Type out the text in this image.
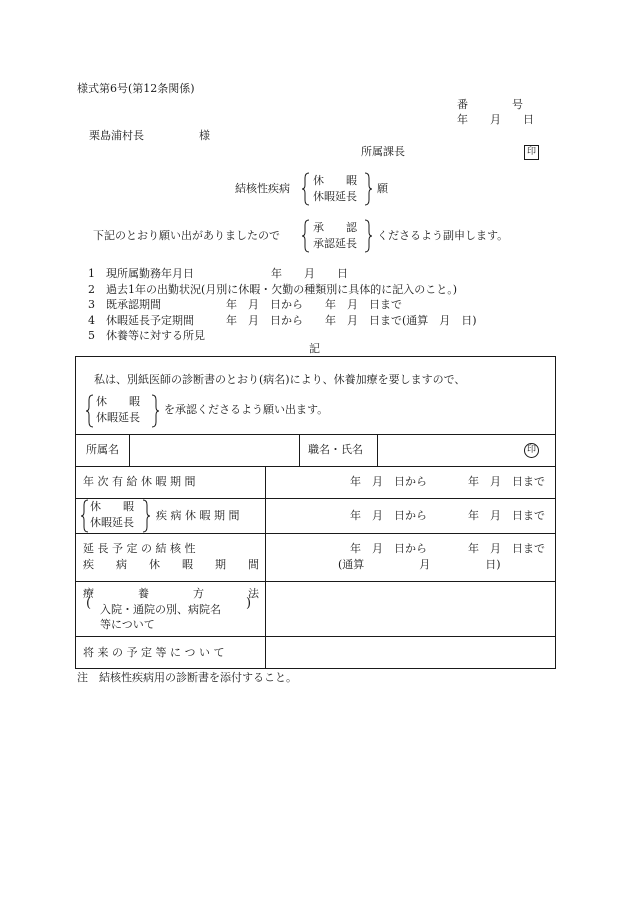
様式第6号(第12条関係)
番　　　　号
年　　月　　日
栗島浦村長　　　　　様
所属課長	印
結核性疾病
休　　暇
休暇延長
願
下記のとおり願い出がありましたので
承　　認
承認延長
くださるよう副申します。
1 現所属勤務年月日	年　　月　　日
2 過去1年の出勤状況(月別に休暇・欠勤の種類別に具体的に記入のこと。)
3 既承認期間	年　月　日から　　年　月　日まで
4 休暇延長予定期間	年　月　日から　　年　月　日まで(通算　月　日)
5 休養等に対する所見
記
私は、別紙医師の診断書のとおり(病名)により、休養加療を要しますので、
休　　暇
休暇延長
を承認くださるよう願い出ます。
所属名	職名・氏名	印
年 次 有 給 休 暇 期 間	年　月　日から	年　月　日まで
休　　暇
休暇延長
疾 病 休 暇 期 間	年　月　日から	年　月　日まで
延 長 予 定 の 結 核 性
疾　　病　　休　　暇　　期　　間
年　月　日から	年　月　日まで
(通算　　　　　月　　　　　日)
療　　　　養　　　　方　　　　法
( 入院・通院の別、病院名
等について
)
将 来 の 予 定 等 に つ い て
注　結核性疾病用の診断書を添付すること。
